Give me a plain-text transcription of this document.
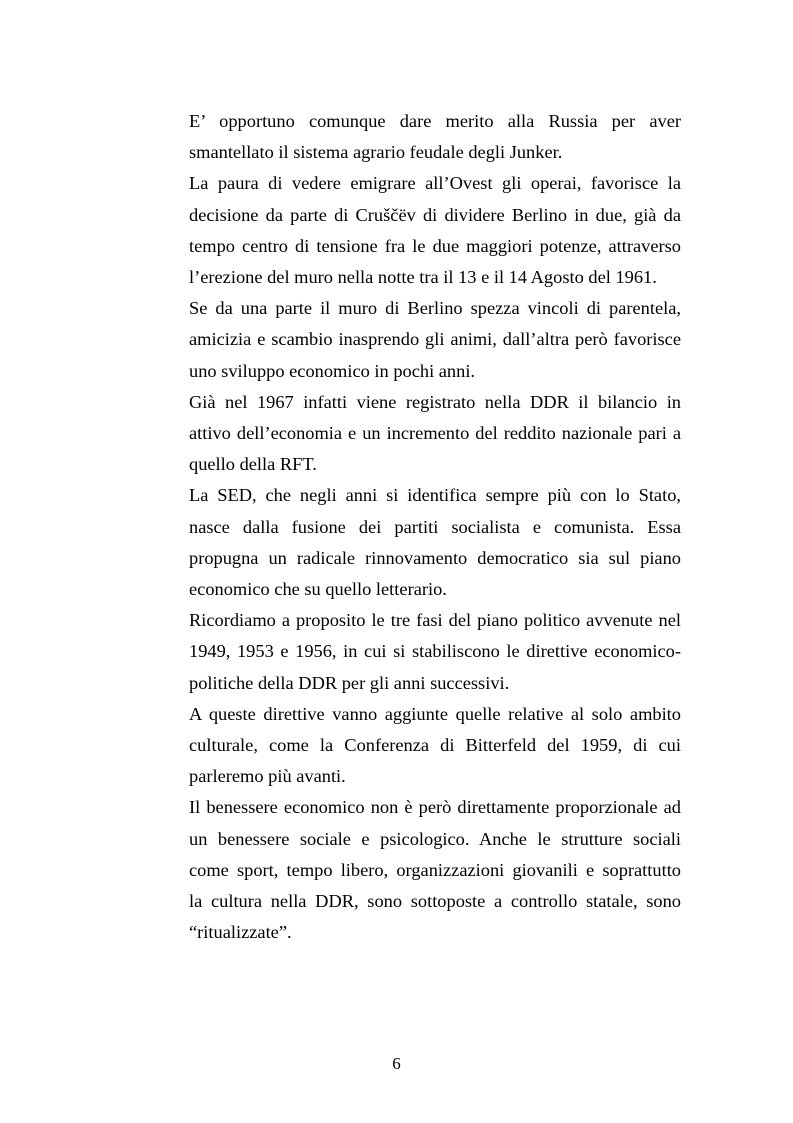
E’ opportuno comunque dare merito alla Russia per aver
smantellato il sistema agrario feudale degli Junker.

La paura di vedere emigrare all’Ovest gli operai, favorisce la
decisione da parte di Cruščëv di dividere Berlino in due, già da
tempo centro di tensione fra le due maggiori potenze, attraverso
l’erezione del muro nella notte tra il 13 e il 14 Agosto del 1961.

Se da una parte il muro di Berlino spezza vincoli di parentela,
amicizia e scambio inasprendo gli animi, dall’altra però favorisce
uno sviluppo economico in pochi anni.

Già nel 1967 infatti viene registrato nella DDR il bilancio in
attivo dell’economia e un incremento del reddito nazionale pari a
quello della RFT.

La SED, che negli anni si identifica sempre più con lo Stato,
nasce dalla fusione dei partiti socialista e comunista. Essa
propugna un radicale rinnovamento democratico sia sul piano
economico che su quello letterario.

Ricordiamo a proposito le tre fasi del piano politico avvenute nel
1949, 1953 e 1956, in cui si stabiliscono le direttive economico-
politiche della DDR per gli anni successivi.

A queste direttive vanno aggiunte quelle relative al solo ambito
culturale, come la Conferenza di Bitterfeld del 1959, di cui
parleremo più avanti.

Il benessere economico non è però direttamente proporzionale ad
un benessere sociale e psicologico. Anche le strutture sociali
come sport, tempo libero, organizzazioni giovanili e soprattutto
la cultura nella DDR, sono sottoposte a controllo statale, sono
“ritualizzate”.

6
